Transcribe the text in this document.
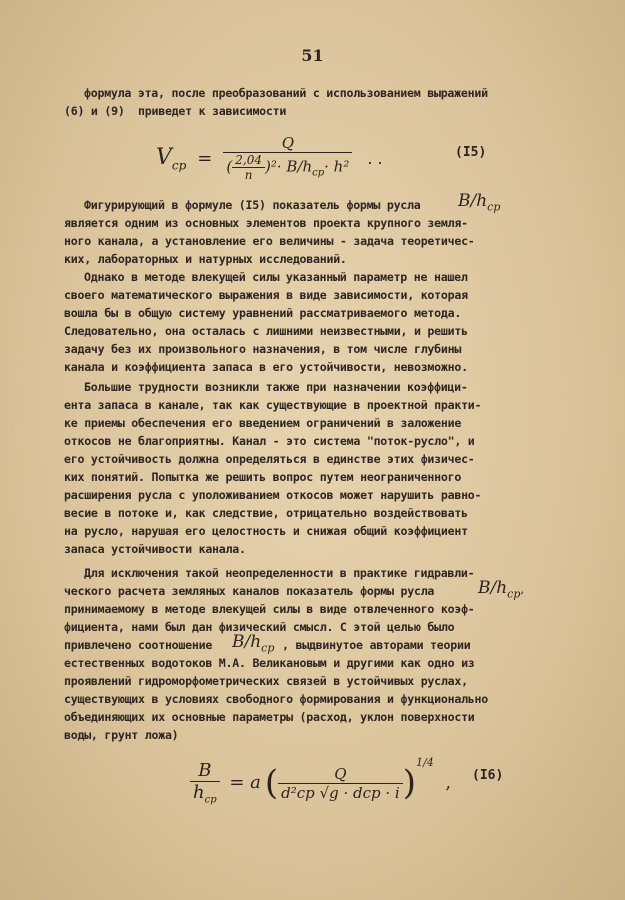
51
формула эта, после преобразований с использованием выражений
(6) и (9)  приведет к зависимости
$V_{ср} = \frac{Q}{( \frac{2,04}{n} )^2\cdot B/h_{ср}\cdot h^2}$ . .	(I5)
Фигурирующий в формуле (I5) показатель формы русла $B/h_{ср}$
является одним из основных элементов проекта крупного земля-
ного канала, а установление его величины - задача теоретичес-
ких, лабораторных и натурных исследований.
Однако в методе влекущей силы указанный параметр не нашел
своего математического выражения в виде зависимости, которая
вошла бы в общую систему уравнений рассматриваемого метода.
Следовательно, она осталась с лишними неизвестными, и решить
задачу без их произвольного назначения, в том числе глубины
канала и коэффициента запаса в его устойчивости, невозможно.
Большие трудности возникли также при назначении коэффици-
ента запаса в канале, так как существующие в проектной практи-
ке приемы обеспечения его введением ограничений в заложение
откосов не благоприятны. Канал - это система "поток-русло", и
его устойчивость должна определяться в единстве этих физичес-
ких понятий. Попытка же решить вопрос путем неограниченного
расширения русла с уположиванием откосов может нарушить равно-
весие в потоке и, как следствие, отрицательно воздействовать
на русло, нарушая его целостность и снижая общий коэффициент
запаса устойчивости канала.
Для исключения такой неопределенности в практике гидравли-
ческого расчета земляных каналов показатель формы русла	$B/h_{ср}$,
принимаемому в методе влекущей силы в виде отвлеченного коэф-
фициента, нами был дан физический смысл. С этой целью было
привлечено соотношение $B/h_{ср}$ , выдвинутое авторами теории
естественных водотоков М.А. Великановым и другими как одно из
проявлений гидроморфометрических связей в устойчивых руслах,
существующих в условиях свободного формирования и функционально
объединяющих их основные параметры (расход, уклон поверхности
воды, грунт ложа)
$\frac{B}{h_{ср}} = a$ ( $\frac{Q}{\text{d²ср √g · dср · i}} )^{1/4}$ , (I6)
